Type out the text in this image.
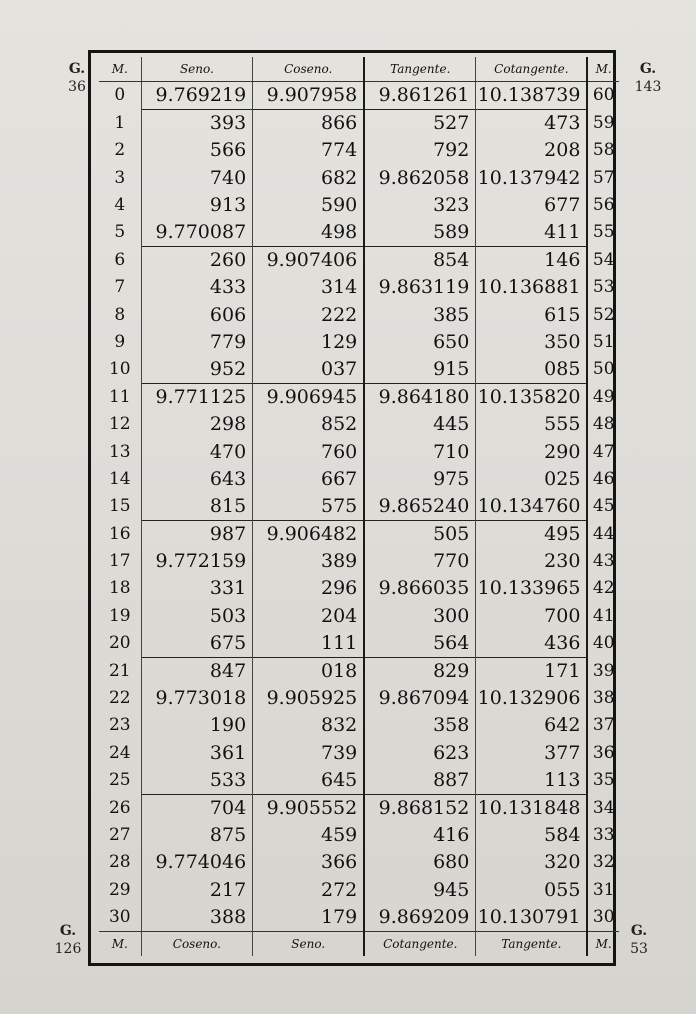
G.
36
G.
143
G.
126
G.
53
M.	Seno.	Coseno.	Tangente.	Cotangente.	M.
0	9.769219	9.907958	9.861261	10.138739	60
1	393	866	527	473	59
2	566	774	792	208	58
3	740	682	9.862058	10.137942	57
4	913	590	323	677	56
5	9.770087	498	589	411	55
6	260	9.907406	854	146	54
7	433	314	9.863119	10.136881	53
8	606	222	385	615	52
9	779	129	650	350	51
10	952	037	915	085	50
11	9.771125	9.906945	9.864180	10.135820	49
12	298	852	445	555	48
13	470	760	710	290	47
14	643	667	975	025	46
15	815	575	9.865240	10.134760	45
16	987	9.906482	505	495	44
17	9.772159	389	770	230	43
18	331	296	9.866035	10.133965	42
19	503	204	300	700	41
20	675	111	564	436	40
21	847	018	829	171	39
22	9.773018	9.905925	9.867094	10.132906	38
23	190	832	358	642	37
24	361	739	623	377	36
25	533	645	887	113	35
26	704	9.905552	9.868152	10.131848	34
27	875	459	416	584	33
28	9.774046	366	680	320	32
29	217	272	945	055	31
30	388	179	9.869209	10.130791	30
M.	Coseno.	Seno.	Cotangente.	Tangente.	M.
